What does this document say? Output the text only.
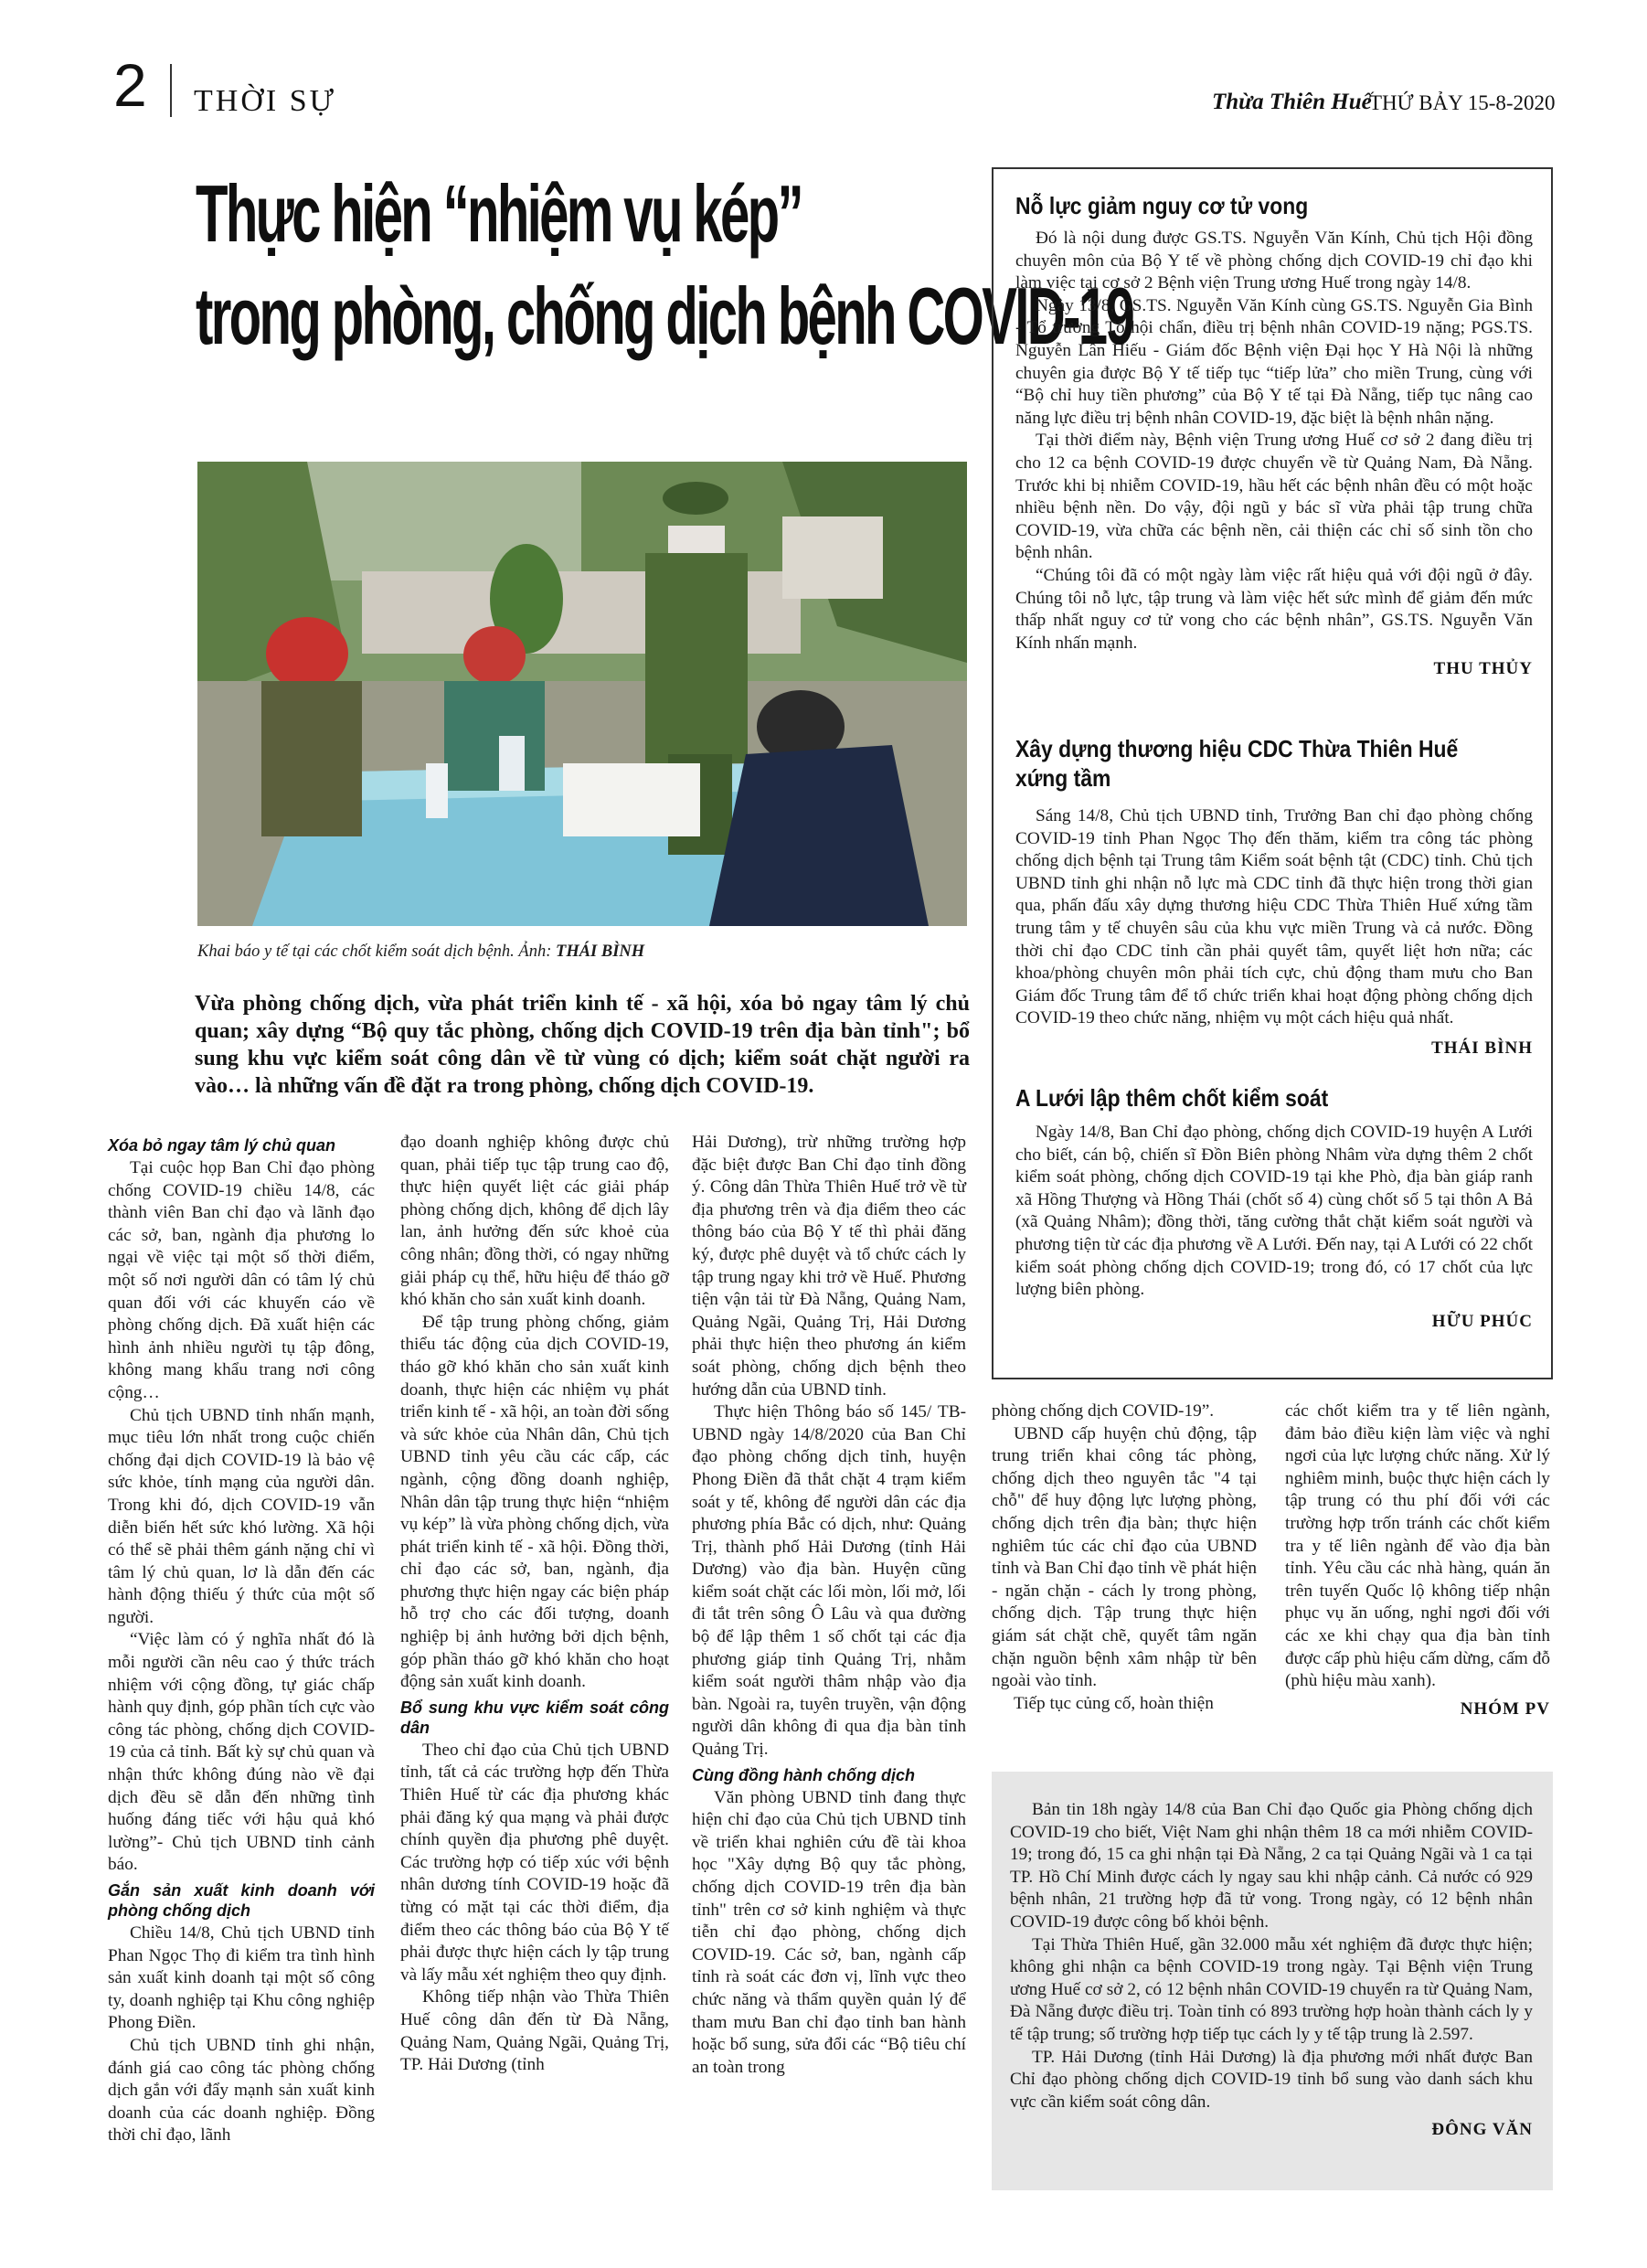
2 THỜI SỰ	Thừa Thiên Huế
THỨ BẢY 15-8-2020
Thực hiện “nhiệm vụ kép”
trong phòng, chống dịch bệnh COVID-19
Khai báo y tế tại các chốt kiểm soát dịch bệnh. Ảnh: THÁI BÌNH
Vừa phòng chống dịch, vừa phát triển kinh tế - xã hội, xóa bỏ ngay tâm lý chủ quan; xây dựng “Bộ quy tắc phòng, chống dịch COVID-19 trên địa bàn tỉnh"; bổ sung khu vực kiểm soát công dân về từ vùng có dịch; kiểm soát chặt người ra vào… là những vấn đề đặt ra trong phòng, chống dịch COVID-19.
Xóa bỏ ngay tâm lý chủ quan

Tại cuộc họp Ban Chỉ đạo phòng chống COVID-19 chiều 14/8, các thành viên Ban chỉ đạo và lãnh đạo các sở, ban, ngành địa phương lo ngại về việc tại một số thời điểm, một số nơi người dân có tâm lý chủ quan đối với các khuyến cáo về phòng chống dịch. Đã xuất hiện các hình ảnh nhiều người tụ tập đông, không mang khẩu trang nơi công cộng…

Chủ tịch UBND tỉnh nhấn mạnh, mục tiêu lớn nhất trong cuộc chiến chống đại dịch COVID-19 là bảo vệ sức khỏe, tính mạng của người dân. Trong khi đó, dịch COVID-19 vẫn diễn biến hết sức khó lường. Xã hội có thể sẽ phải thêm gánh nặng chỉ vì tâm lý chủ quan, lơ là dẫn đến các hành động thiếu ý thức của một số người.

“Việc làm có ý nghĩa nhất đó là mỗi người cần nêu cao ý thức trách nhiệm với cộng đồng, tự giác chấp hành quy định, góp phần tích cực vào công tác phòng, chống dịch COVID-19 của cả tỉnh. Bất kỳ sự chủ quan và nhận thức không đúng nào về đại dịch đều sẽ dẫn đến những tình huống đáng tiếc với hậu quả khó lường”- Chủ tịch UBND tỉnh cảnh báo.

Gắn sản xuất kinh doanh với phòng chống dịch

Chiều 14/8, Chủ tịch UBND tỉnh Phan Ngọc Thọ đi kiểm tra tình hình sản xuất kinh doanh tại một số công ty, doanh nghiệp tại Khu công nghiệp Phong Điền.

Chủ tịch UBND tỉnh ghi nhận, đánh giá cao công tác phòng chống dịch gắn với đẩy mạnh sản xuất kinh doanh của các doanh nghiệp. Đồng thời chỉ đạo, lãnh

đạo doanh nghiệp không được chủ quan, phải tiếp tục tập trung cao độ, thực hiện quyết liệt các giải pháp phòng chống dịch, không để dịch lây lan, ảnh hưởng đến sức khoẻ của công nhân; đồng thời, có ngay những giải pháp cụ thể, hữu hiệu để tháo gỡ khó khăn cho sản xuất kinh doanh.

Để tập trung phòng chống, giảm thiểu tác động của dịch COVID-19, tháo gỡ khó khăn cho sản xuất kinh doanh, thực hiện các nhiệm vụ phát triển kinh tế - xã hội, an toàn đời sống và sức khỏe của Nhân dân, Chủ tịch UBND tỉnh yêu cầu các cấp, các ngành, cộng đồng doanh nghiệp, Nhân dân tập trung thực hiện “nhiệm vụ kép” là vừa phòng chống dịch, vừa phát triển kinh tế - xã hội. Đồng thời, chỉ đạo các sở, ban, ngành, địa phương thực hiện ngay các biện pháp hỗ trợ cho các đối tượng, doanh nghiệp bị ảnh hưởng bởi dịch bệnh, góp phần tháo gỡ khó khăn cho hoạt động sản xuất kinh doanh.

Bổ sung khu vực kiểm soát công dân

Theo chỉ đạo của Chủ tịch UBND tỉnh, tất cả các trường hợp đến Thừa Thiên Huế từ các địa phương khác phải đăng ký qua mạng và phải được chính quyền địa phương phê duyệt. Các trường hợp có tiếp xúc với bệnh nhân dương tính COVID-19 hoặc đã từng có mặt tại các thời điểm, địa điểm theo các thông báo của Bộ Y tế phải được thực hiện cách ly tập trung và lấy mẫu xét nghiệm theo quy định.

Không tiếp nhận vào Thừa Thiên Huế công dân đến từ Đà Nẵng, Quảng Nam, Quảng Ngãi, Quảng Trị, TP. Hải Dương (tỉnh

Hải Dương), trừ những trường hợp đặc biệt được Ban Chỉ đạo tỉnh đồng ý. Công dân Thừa Thiên Huế trở về từ địa phương trên và địa điểm theo các thông báo của Bộ Y tế thì phải đăng ký, được phê duyệt và tổ chức cách ly tập trung ngay khi trở về Huế. Phương tiện vận tải từ Đà Nẵng, Quảng Nam, Quảng Ngãi, Quảng Trị, Hải Dương phải thực hiện theo phương án kiểm soát phòng, chống dịch bệnh theo hướng dẫn của UBND tỉnh.

Thực hiện Thông báo số 145/ TB-UBND ngày 14/8/2020 của Ban Chỉ đạo phòng chống dịch tỉnh, huyện Phong Điền đã thắt chặt 4 trạm kiểm soát y tế, không để người dân các địa phương phía Bắc có dịch, như: Quảng Trị, thành phố Hải Dương (tỉnh Hải Dương) vào địa bàn. Huyện cũng kiểm soát chặt các lối mòn, lối mở, lối đi tắt trên sông Ô Lâu và qua đường bộ để lập thêm 1 số chốt tại các địa phương giáp tỉnh Quảng Trị, nhằm kiểm soát người thâm nhập vào địa bàn. Ngoài ra, tuyên truyền, vận động người dân không đi qua địa bàn tỉnh Quảng Trị.

Cùng đồng hành chống dịch

Văn phòng UBND tỉnh đang thực hiện chỉ đạo của Chủ tịch UBND tỉnh về triển khai nghiên cứu đề tài khoa học "Xây dựng Bộ quy tắc phòng, chống dịch COVID-19 trên địa bàn tỉnh" trên cơ sở kinh nghiệm và thực tiễn chỉ đạo phòng, chống dịch COVID-19. Các sở, ban, ngành cấp tỉnh rà soát các đơn vị, lĩnh vực theo chức năng và thẩm quyền quản lý để tham mưu Ban chỉ đạo tỉnh ban hành hoặc bổ sung, sửa đổi các “Bộ tiêu chí an toàn trong

phòng chống dịch COVID-19”.

UBND cấp huyện chủ động, tập trung triển khai công tác phòng, chống dịch theo nguyên tắc "4 tại chỗ" để huy động lực lượng phòng, chống dịch trên địa bàn; thực hiện nghiêm túc các chỉ đạo của UBND tỉnh và Ban Chỉ đạo tỉnh về phát hiện - ngăn chặn - cách ly trong phòng, chống dịch. Tập trung thực hiện giám sát chặt chẽ, quyết tâm ngăn chặn nguồn bệnh xâm nhập từ bên ngoài vào tỉnh.

Tiếp tục củng cố, hoàn thiện

các chốt kiểm tra y tế liên ngành, đảm bảo điều kiện làm việc và nghỉ ngơi của lực lượng chức năng. Xử lý nghiêm minh, buộc thực hiện cách ly tập trung có thu phí đối với các trường hợp trốn tránh các chốt kiểm tra y tế liên ngành để vào địa bàn tỉnh. Yêu cầu các nhà hàng, quán ăn trên tuyến Quốc lộ không tiếp nhận phục vụ ăn uống, nghỉ ngơi đối với các xe khi chạy qua địa bàn tỉnh được cấp phù hiệu cấm dừng, cấm đỗ (phù hiệu màu xanh).

NHÓM PV
Nỗ lực giảm nguy cơ tử vong

Đó là nội dung được GS.TS. Nguyễn Văn Kính, Chủ tịch Hội đồng chuyên môn của Bộ Y tế về phòng chống dịch COVID-19 chỉ đạo khi làm việc tại cơ sở 2 Bệnh viện Trung ương Huế trong ngày 14/8.

Ngày 13/8, GS.TS. Nguyễn Văn Kính cùng GS.TS. Nguyễn Gia Bình - Tổ trưởng Tổ hội chẩn, điều trị bệnh nhân COVID-19 nặng; PGS.TS. Nguyễn Lân Hiếu - Giám đốc Bệnh viện Đại học Y Hà Nội là những chuyên gia được Bộ Y tế tiếp tục “tiếp lửa” cho miền Trung, cùng với “Bộ chỉ huy tiền phương” của Bộ Y tế tại Đà Nẵng, tiếp tục nâng cao năng lực điều trị bệnh nhân COVID-19, đặc biệt là bệnh nhân nặng.

Tại thời điểm này, Bệnh viện Trung ương Huế cơ sở 2 đang điều trị cho 12 ca bệnh COVID-19 được chuyển về từ Quảng Nam, Đà Nẵng. Trước khi bị nhiễm COVID-19, hầu hết các bệnh nhân đều có một hoặc nhiều bệnh nền. Do vậy, đội ngũ y bác sĩ vừa phải tập trung chữa COVID-19, vừa chữa các bệnh nền, cải thiện các chỉ số sinh tồn cho bệnh nhân.

“Chúng tôi đã có một ngày làm việc rất hiệu quả với đội ngũ ở đây. Chúng tôi nỗ lực, tập trung và làm việc hết sức mình để giảm đến mức thấp nhất nguy cơ tử vong cho các bệnh nhân”, GS.TS. Nguyễn Văn Kính nhấn mạnh.

THU THỦY
Xây dựng thương hiệu CDC Thừa Thiên Huế
xứng tầm

Sáng 14/8, Chủ tịch UBND tỉnh, Trưởng Ban chỉ đạo phòng chống COVID-19 tỉnh Phan Ngọc Thọ đến thăm, kiểm tra công tác phòng chống dịch bệnh tại Trung tâm Kiểm soát bệnh tật (CDC) tỉnh. Chủ tịch UBND tỉnh ghi nhận nỗ lực mà CDC tỉnh đã thực hiện trong thời gian qua, phấn đấu xây dựng thương hiệu CDC Thừa Thiên Huế xứng tầm trung tâm y tế chuyên sâu của khu vực miền Trung và cả nước. Đồng thời chỉ đạo CDC tỉnh cần phải quyết tâm, quyết liệt hơn nữa; các khoa/phòng chuyên môn phải tích cực, chủ động tham mưu cho Ban Giám đốc Trung tâm để tổ chức triển khai hoạt động phòng chống dịch COVID-19 theo chức năng, nhiệm vụ một cách hiệu quả nhất.

THÁI BÌNH
A Lưới lập thêm chốt kiểm soát

Ngày 14/8, Ban Chỉ đạo phòng, chống dịch COVID-19 huyện A Lưới cho biết, cán bộ, chiến sĩ Đồn Biên phòng Nhâm vừa dựng thêm 2 chốt kiểm soát phòng, chống dịch COVID-19 tại khe Phò, địa bàn giáp ranh xã Hồng Thượng và Hồng Thái (chốt số 4) cùng chốt số 5 tại thôn A Bả (xã Quảng Nhâm); đồng thời, tăng cường thắt chặt kiểm soát người và phương tiện từ các địa phương về A Lưới. Đến nay, tại A Lưới có 22 chốt kiểm soát phòng chống dịch COVID-19; trong đó, có 17 chốt của lực lượng biên phòng.

HỮU PHÚC

Bản tin 18h ngày 14/8 của Ban Chỉ đạo Quốc gia Phòng chống dịch COVID-19 cho biết, Việt Nam ghi nhận thêm 18 ca mới nhiễm COVID-19; trong đó, 15 ca ghi nhận tại Đà Nẵng, 2 ca tại Quảng Ngãi và 1 ca tại TP. Hồ Chí Minh được cách ly ngay sau khi nhập cảnh. Cả nước có 929 bệnh nhân, 21 trường hợp đã tử vong. Trong ngày, có 12 bệnh nhân COVID-19 được công bố khỏi bệnh.

Tại Thừa Thiên Huế, gần 32.000 mẫu xét nghiệm đã được thực hiện; không ghi nhận ca bệnh COVID-19 trong ngày. Tại Bệnh viện Trung ương Huế cơ sở 2, có 12 bệnh nhân COVID-19 chuyển ra từ Quảng Nam, Đà Nẵng được điều trị. Toàn tỉnh có 893 trường hợp hoàn thành cách ly y tế tập trung; số trường hợp tiếp tục cách ly y tế tập trung là 2.597.

TP. Hải Dương (tỉnh Hải Dương) là địa phương mới nhất được Ban Chỉ đạo phòng chống dịch COVID-19 tỉnh bổ sung vào danh sách khu vực cần kiểm soát công dân.

ĐÔNG VĂN
